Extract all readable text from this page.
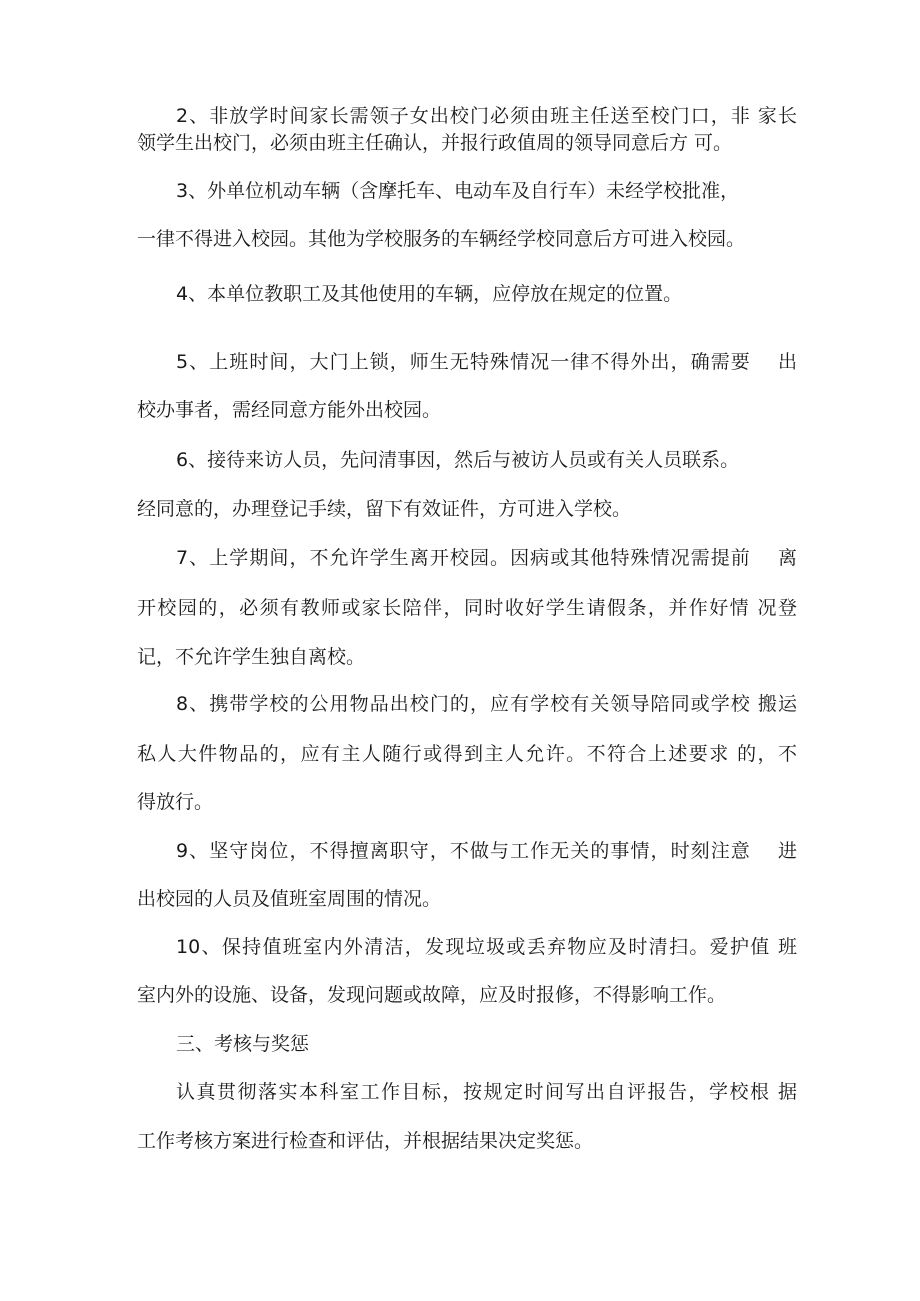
2、非放学时间家长需领子女出校门必须由班主任送至校门口，非 家长
领学生出校门，必须由班主任确认，并报行政值周的领导同意后方 可。
3、外单位机动车辆（含摩托车、电动车及自行车）未经学校批准，
一律不得进入校园。其他为学校服务的车辆经学校同意后方可进入校园。
4、本单位教职工及其他使用的车辆，应停放在规定的位置。
5、上班时间，大门上锁，师生无特殊情况一律不得外出，确需要　 出
校办事者，需经同意方能外出校园。
6、接待来访人员，先问清事因，然后与被访人员或有关人员联系。
经同意的，办理登记手续，留下有效证件，方可进入学校。
7、上学期间，不允许学生离开校园。因病或其他特殊情况需提前　 离
开校园的，必须有教师或家长陪伴，同时收好学生请假条，并作好情 况登
记，不允许学生独自离校。
8、携带学校的公用物品出校门的，应有学校有关领导陪同或学校 搬运
私人大件物品的，应有主人随行或得到主人允许。不符合上述要求 的，不
得放行。
9、坚守岗位，不得擅离职守，不做与工作无关的事情，时刻注意　 进
出校园的人员及值班室周围的情况。
10、保持值班室内外清洁，发现垃圾或丢弃物应及时清扫。爱护值 班
室内外的设施、设备，发现问题或故障，应及时报修，不得影响工作。
三、考核与奖惩
认真贯彻落实本科室工作目标，按规定时间写出自评报告，学校根 据
工作考核方案进行检查和评估，并根据结果决定奖惩。
